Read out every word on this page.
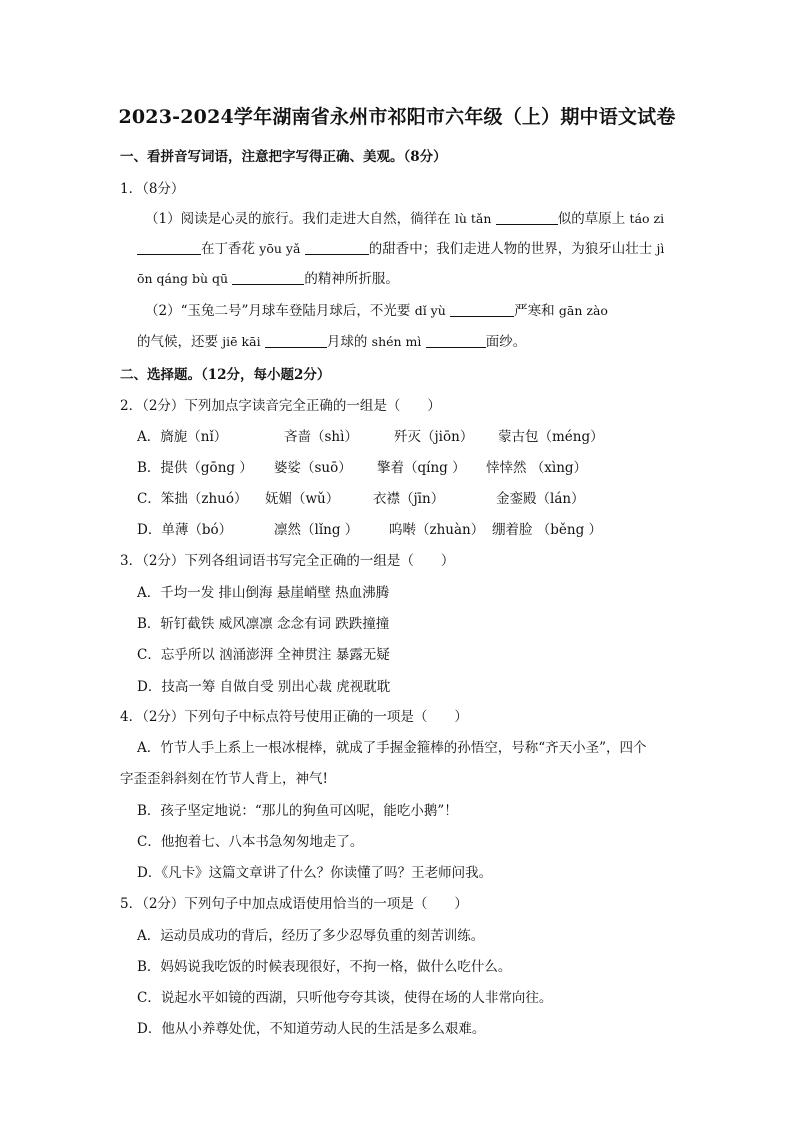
2023-2024学年湖南省永州市祁阳市六年级（上）期中语文试卷
一、看拼音写词语，注意把字写得正确、美观。（8分）
1．（8分）
（1）阅读是心灵的旅行。我们走进大自然，徜徉在 lù tǎn	似的草原上 táo zi
在丁香花 yōu yǎ	的甜香中；我们走进人物的世界，为狼牙山壮士 jì
ōn qáng bù qū	的精神所折服。
（2）“玉兔二号”月球车登陆月球后，不光要 dǐ yù	严寒和 gān zào
的气候，还要 jiē kāi	月球的 shén mì	面纱。
二、选择题。（12分，每小题2分）
2．（2分）下列加点字读音完全正确的一组是（　　）
A．旖旎（nǐ）	吝啬（shì）	歼灭（jiōn） 蒙古包（méng）
B．提供（gōng ） 婆娑（suō） 擎着（qíng ） 悻悻然 （xìng）
C．笨拙（zhuó） 妩媚（wǔ）	衣襟（jīn）	金銮殿（lán）
D．单薄（bó）	凛然（lǐng ） 呜啭（zhuàn） 绷着脸 （běng ）
3．（2分）下列各组词语书写完全正确的一组是（　　）
A．千均一发 排山倒海 悬崖峭壁 热血沸腾
B．斩钉截铁 威风凛凛 念念有词 跌跌撞撞
C．忘乎所以 汹涌澎湃 全神贯注 暴露无疑
D．技高一筹 自做自受 别出心裁 虎视耽耽
4．（2分）下列句子中标点符号使用正确的一项是（　　）
A．竹节人手上系上一根冰棍棒，就成了手握金箍棒的孙悟空，号称“齐天小圣”，四个
字歪歪斜斜刻在竹节人背上，神气!
B．孩子坚定地说：“那儿的狗鱼可凶呢，能吃小鹅”！
C．他抱着七、八本书急匆匆地走了。
D．《凡卡》这篇文章讲了什么？你读懂了吗？王老师问我。
5．（2分）下列句子中加点成语使用恰当的一项是（　　）
A．运动员成功的背后，经历了多少忍辱负重的刻苦训练。
B．妈妈说我吃饭的时候表现很好，不拘一格，做什么吃什么。
C．说起水平如镜的西湖，只听他夸夸其谈，使得在场的人非常向往。
D．他从小养尊处优，不知道劳动人民的生活是多么艰难。
